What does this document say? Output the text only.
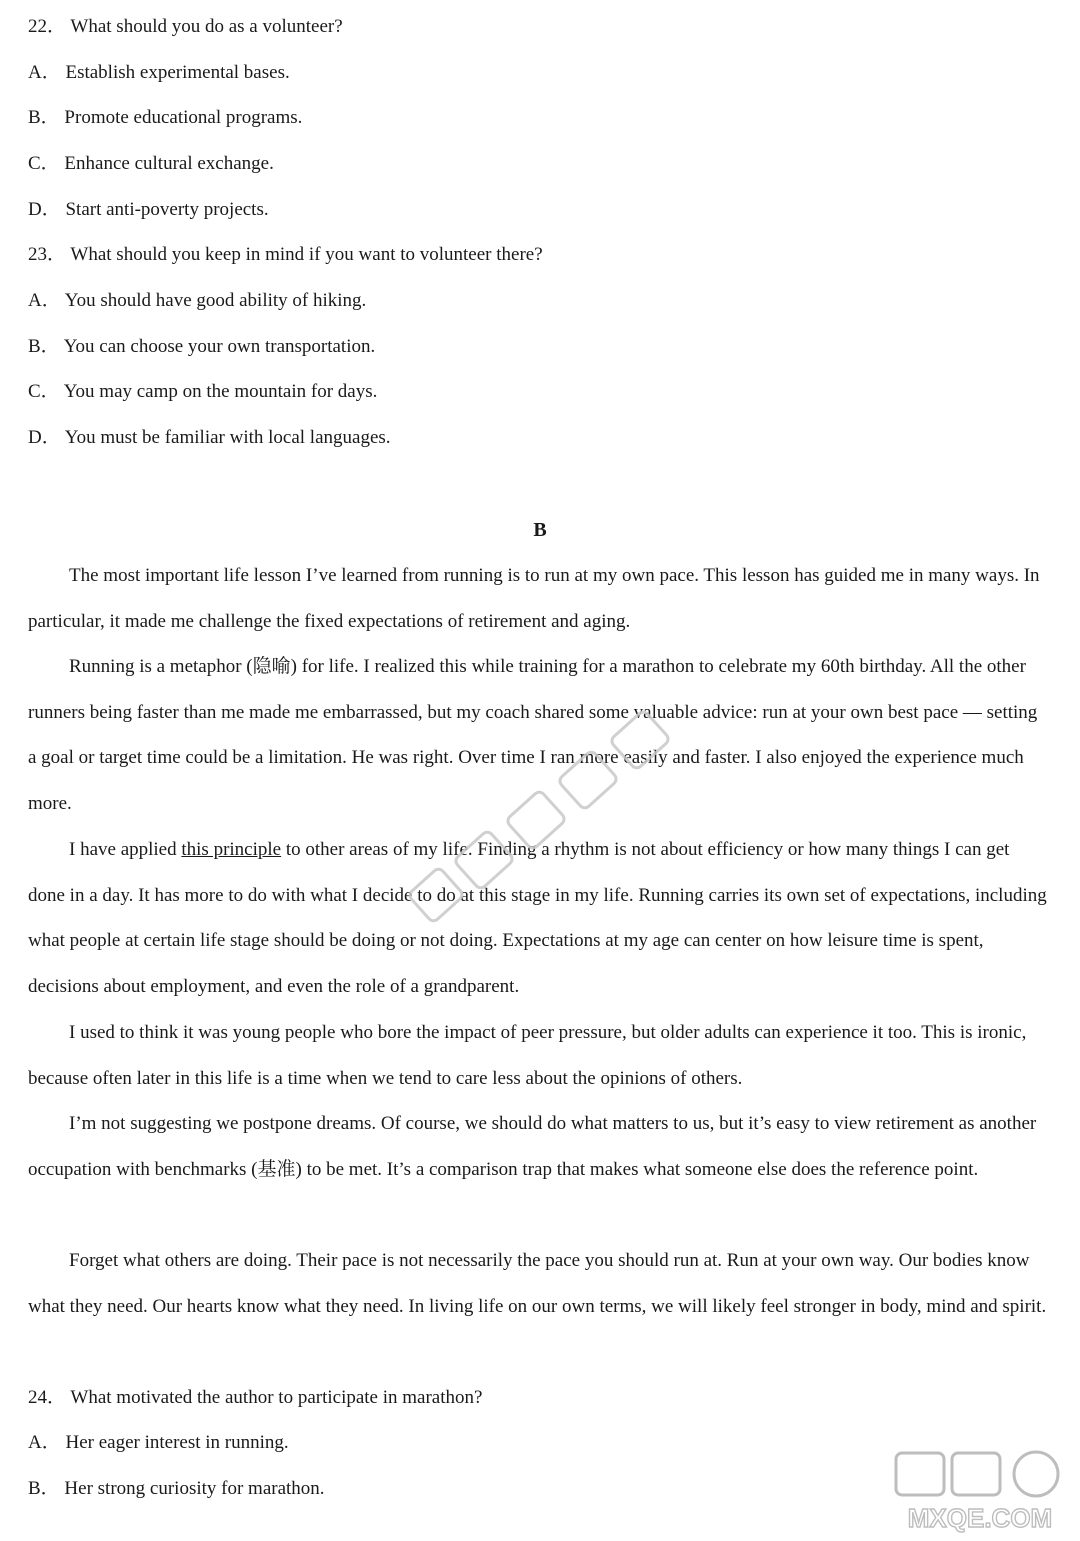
22． What should you do as a volunteer?
A． Establish experimental bases.
B． Promote educational programs.
C． Enhance cultural exchange.
D． Start anti-poverty projects.
23． What should you keep in mind if you want to volunteer there?
A． You should have good ability of hiking.
B． You can choose your own transportation.
C． You may camp on the mountain for days.
D． You must be familiar with local languages.
B
The most important life lesson I’ve learned from running is to run at my own pace. This lesson has guided me in many ways. In particular, it made me challenge the fixed expectations of retirement and aging.
Running is a metaphor (隐喻) for life. I realized this while training for a marathon to celebrate my 60th birthday. All the other runners being faster than me made me embarrassed, but my coach shared some valuable advice: run at your own best pace — setting a goal or target time could be a limitation. He was right. Over time I ran more easily and faster. I also enjoyed the experience much more.
I have applied this principle to other areas of my life. Finding a rhythm is not about efficiency or how many things I can get done in a day. It has more to do with what I decide to do at this stage in my life. Running carries its own set of expectations, including what people at certain life stage should be doing or not doing. Expectations at my age can center on how leisure time is spent, decisions about employment, and even the role of a grandparent.
I used to think it was young people who bore the impact of peer pressure, but older adults can experience it too. This is ironic, because often later in this life is a time when we tend to care less about the opinions of others.
I’m not suggesting we postpone dreams. Of course, we should do what matters to us, but it’s easy to view retirement as another occupation with benchmarks (基准) to be met. It’s a comparison trap that makes what someone else does the reference point.
Forget what others are doing. Their pace is not necessarily the pace you should run at. Run at your own way. Our bodies know what they need. Our hearts know what they need. In living life on our own terms, we will likely feel stronger in body, mind and spirit.
24． What motivated the author to participate in marathon?
A． Her eager interest in running.
B． Her strong curiosity for marathon.
MXQE.COM
